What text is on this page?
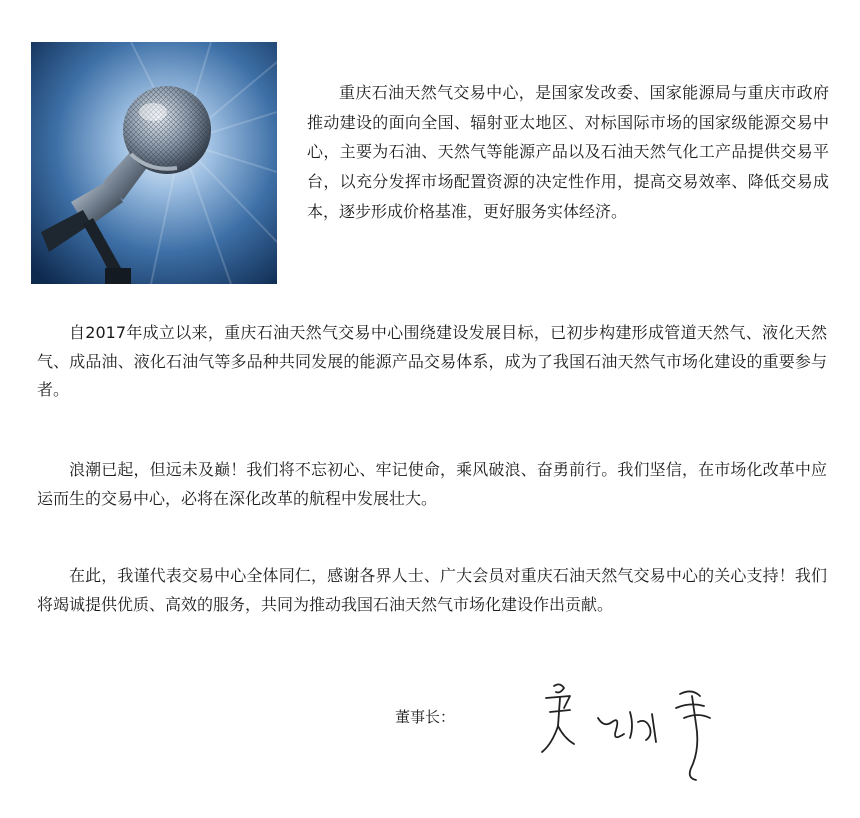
重庆石油天然气交易中心，是国家发改委、国家能源局与重庆市政府推动建设的面向全国、辐射亚太地区、对标国际市场的国家级能源交易中心，主要为石油、天然气等能源产品以及石油天然气化工产品提供交易平台，以充分发挥市场配置资源的决定性作用，提高交易效率、降低交易成本，逐步形成价格基准，更好服务实体经济。

自2017年成立以来，重庆石油天然气交易中心围绕建设发展目标，已初步构建形成管道天然气、液化天然气、成品油、液化石油气等多品种共同发展的能源产品交易体系，成为了我国石油天然气市场化建设的重要参与者。

浪潮已起，但远未及巅！我们将不忘初心、牢记使命，乘风破浪、奋勇前行。我们坚信，在市场化改革中应运而生的交易中心，必将在深化改革的航程中发展壮大。

在此，我谨代表交易中心全体同仁，感谢各界人士、广大会员对重庆石油天然气交易中心的关心支持！我们将竭诚提供优质、高效的服务，共同为推动我国石油天然气市场化建设作出贡献。

董事长：
